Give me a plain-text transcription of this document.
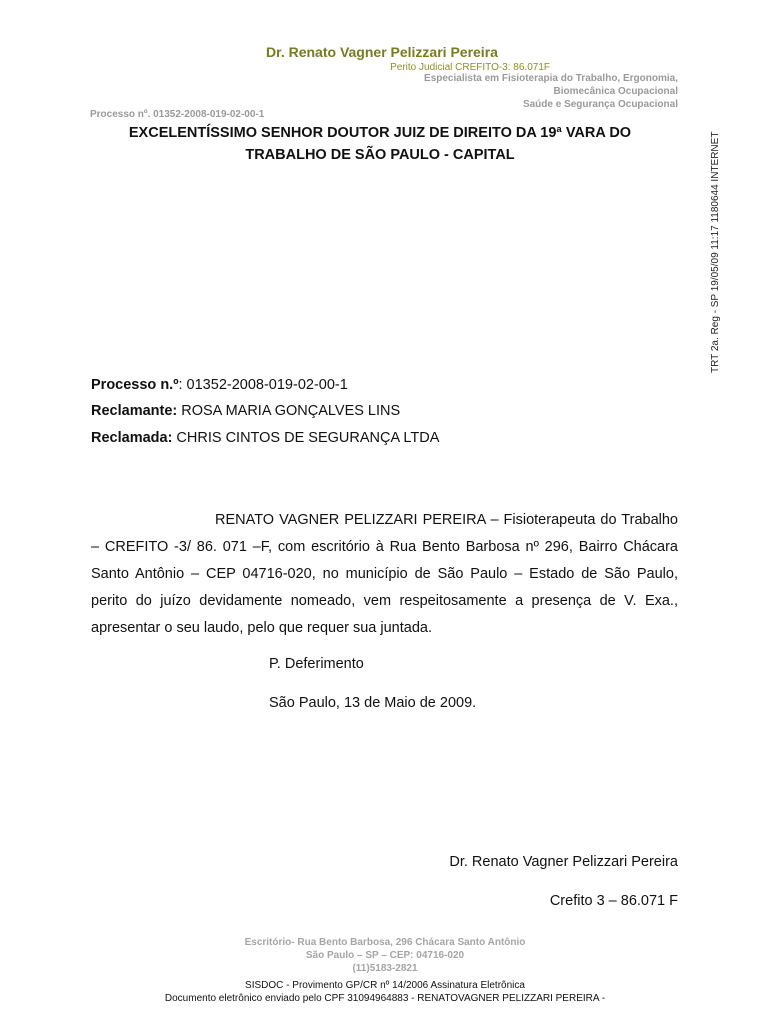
Dr. Renato Vagner Pelizzari Pereira
Perito Judicial CREFITO-3: 86.071F
Especialista em Fisioterapia do Trabalho, Ergonomia,
Biomecânica Ocupacional
Saúde e Segurança Ocupacional
Processo nº. 01352-2008-019-02-00-1
EXCELENTÍSSIMO SENHOR DOUTOR JUIZ DE DIREITO DA 19ª VARA DO
TRABALHO DE SÃO PAULO - CAPITAL	TRT 2a. Reg - SP 19/05/09 11:17 1180644 INTERNET
Processo n.º: 01352-2008-019-02-00-1
Reclamante: ROSA MARIA GONÇALVES LINS
Reclamada: CHRIS CINTOS DE SEGURANÇA LTDA
RENATO VAGNER PELIZZARI PEREIRA – Fisioterapeuta do Trabalho – CREFITO -3/ 86. 071 –F, com escritório à Rua Bento Barbosa nº 296, Bairro Chácara Santo Antônio – CEP 04716-020, no município de São Paulo – Estado de São Paulo, perito do juízo devidamente nomeado, vem respeitosamente a presença de V. Exa., apresentar o seu laudo, pelo que requer sua juntada.
P. Deferimento
São Paulo, 13 de Maio de 2009.
Dr. Renato Vagner Pelizzari Pereira
Crefito 3 – 86.071 F
Escritório- Rua Bento Barbosa, 296 Chácara Santo Antônio
São Paulo – SP – CEP: 04716-020
(11)5183-2821
SISDOC - Provimento GP/CR nº 14/2006 Assinatura Eletrônica
Documento eletrônico enviado pelo CPF 31094964883 - RENATOVAGNER PELIZZARI PEREIRA -
